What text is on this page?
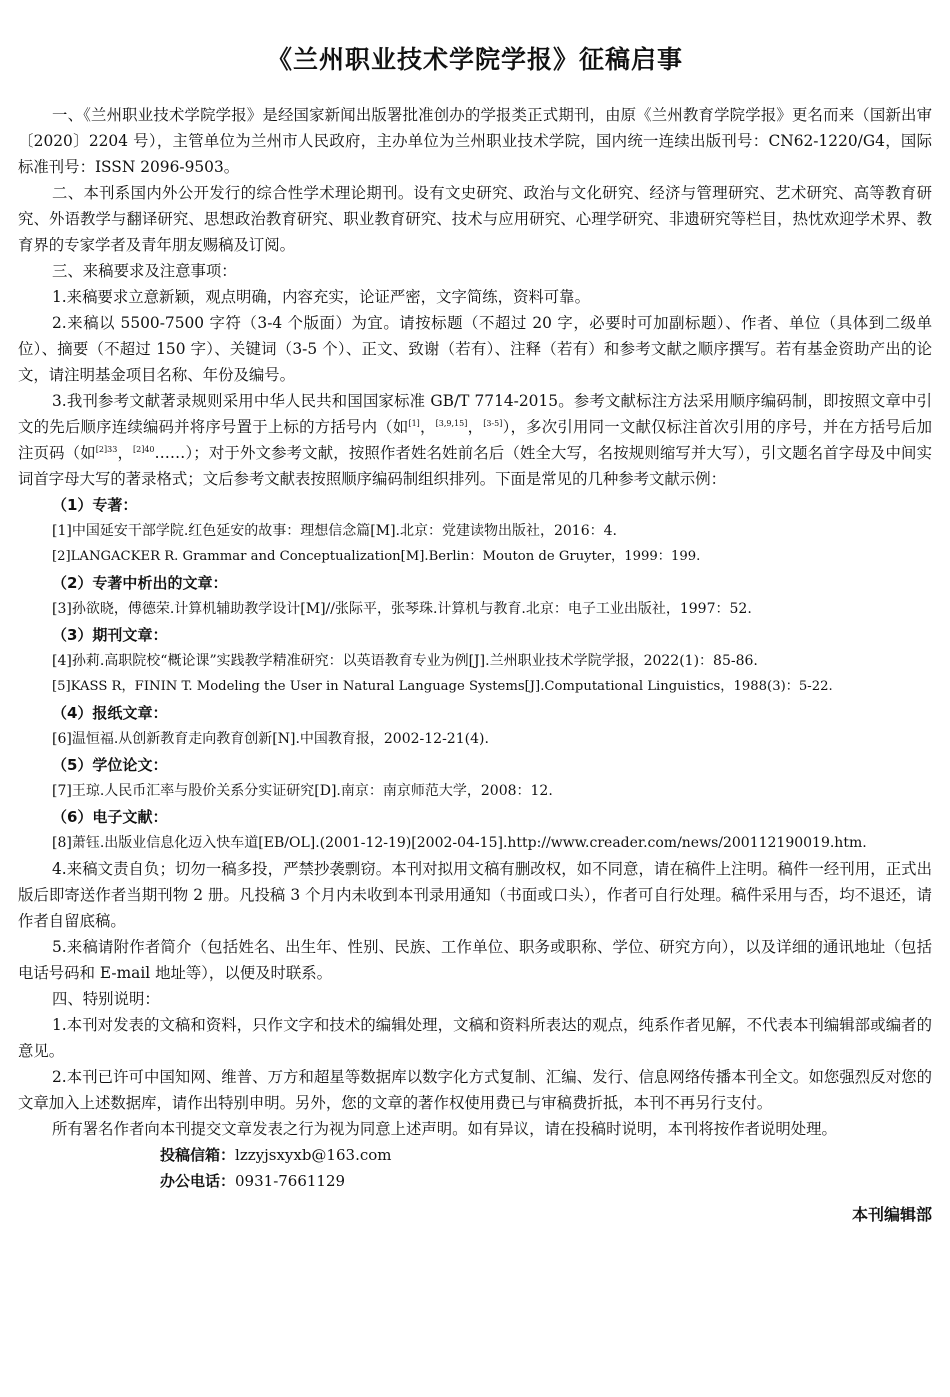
《兰州职业技术学院学报》征稿启事

一、《兰州职业技术学院学报》是经国家新闻出版署批准创办的学报类正式期刊，由原《兰州教育学院学报》更名而来（国新出审〔2020〕2204 号），主管单位为兰州市人民政府，主办单位为兰州职业技术学院，国内统一连续出版刊号：CN62-1220/G4，国际标准刊号：ISSN 2096-9503。

二、本刊系国内外公开发行的综合性学术理论期刊。设有文史研究、政治与文化研究、经济与管理研究、艺术研究、高等教育研究、外语教学与翻译研究、思想政治教育研究、职业教育研究、技术与应用研究、心理学研究、非遗研究等栏目，热忱欢迎学术界、教育界的专家学者及青年朋友赐稿及订阅。

三、来稿要求及注意事项：

1.来稿要求立意新颖，观点明确，内容充实，论证严密，文字简练，资料可靠。

2.来稿以 5500-7500 字符（3-4 个版面）为宜。请按标题（不超过 20 字，必要时可加副标题）、作者、单位（具体到二级单位）、摘要（不超过 150 字）、关键词（3-5 个）、正文、致谢（若有）、注释（若有）和参考文献之顺序撰写。若有基金资助产出的论文，请注明基金项目名称、年份及编号。

3.我刊参考文献著录规则采用中华人民共和国国家标准 GB/T 7714-2015。参考文献标注方法采用顺序编码制，即按照文章中引文的先后顺序连续编码并将序号置于上标的方括号内（如[1]，[3,9,15]，[3-5]），多次引用同一文献仅标注首次引用的序号，并在方括号后加注页码（如$^{[2]33}$，$^{[2]40}$……）；对于外文参考文献，按照作者姓名姓前名后（姓全大写，名按规则缩写并大写），引文题名首字母及中间实词首字母大写的著录格式；文后参考文献表按照顺序编码制组织排列。下面是常见的几种参考文献示例：

（1）专著：

[1]中国延安干部学院.红色延安的故事：理想信念篇[M].北京：党建读物出版社，2016：4.

[2]LANGACKER R. Grammar and Conceptualization[M].Berlin：Mouton de Gruyter，1999：199.

（2）专著中析出的文章：

[3]孙欲晓，傅德荣.计算机辅助教学设计[M]//张际平，张琴珠.计算机与教育.北京：电子工业出版社，1997：52.

（3）期刊文章：

[4]孙莉.高职院校“概论课”实践教学精准研究：以英语教育专业为例[J].兰州职业技术学院学报，2022(1)：85-86.

[5]KASS R，FININ T. Modeling the User in Natural Language Systems[J].Computational Linguistics，1988(3)：5-22.

（4）报纸文章：

[6]温恒福.从创新教育走向教育创新[N].中国教育报，2002-12-21(4).

（5）学位论文：

[7]王琼.人民币汇率与股价关系分实证研究[D].南京：南京师范大学，2008：12.

（6）电子文献：

[8]萧钰.出版业信息化迈入快车道[EB/OL].(2001-12-19)[2002-04-15].http://www.creader.com/news/200112190019.htm.

4.来稿文责自负；切勿一稿多投，严禁抄袭剽窃。本刊对拟用文稿有删改权，如不同意，请在稿件上注明。稿件一经刊用，正式出版后即寄送作者当期刊物 2 册。凡投稿 3 个月内未收到本刊录用通知（书面或口头），作者可自行处理。稿件采用与否，均不退还，请作者自留底稿。

5.来稿请附作者简介（包括姓名、出生年、性别、民族、工作单位、职务或职称、学位、研究方向），以及详细的通讯地址（包括电话号码和 E-mail 地址等），以便及时联系。

四、特别说明：

1.本刊对发表的文稿和资料，只作文字和技术的编辑处理，文稿和资料所表达的观点，纯系作者见解，不代表本刊编辑部或编者的意见。

2.本刊已许可中国知网、维普、万方和超星等数据库以数字化方式复制、汇编、发行、信息网络传播本刊全文。如您强烈反对您的文章加入上述数据库，请作出特别申明。另外，您的文章的著作权使用费已与审稿费折抵，本刊不再另行支付。

所有署名作者向本刊提交文章发表之行为视为同意上述声明。如有异议，请在投稿时说明，本刊将按作者说明处理。

投稿信箱：lzzyjsxyxb@163.com

办公电话：0931-7661129

本刊编辑部
